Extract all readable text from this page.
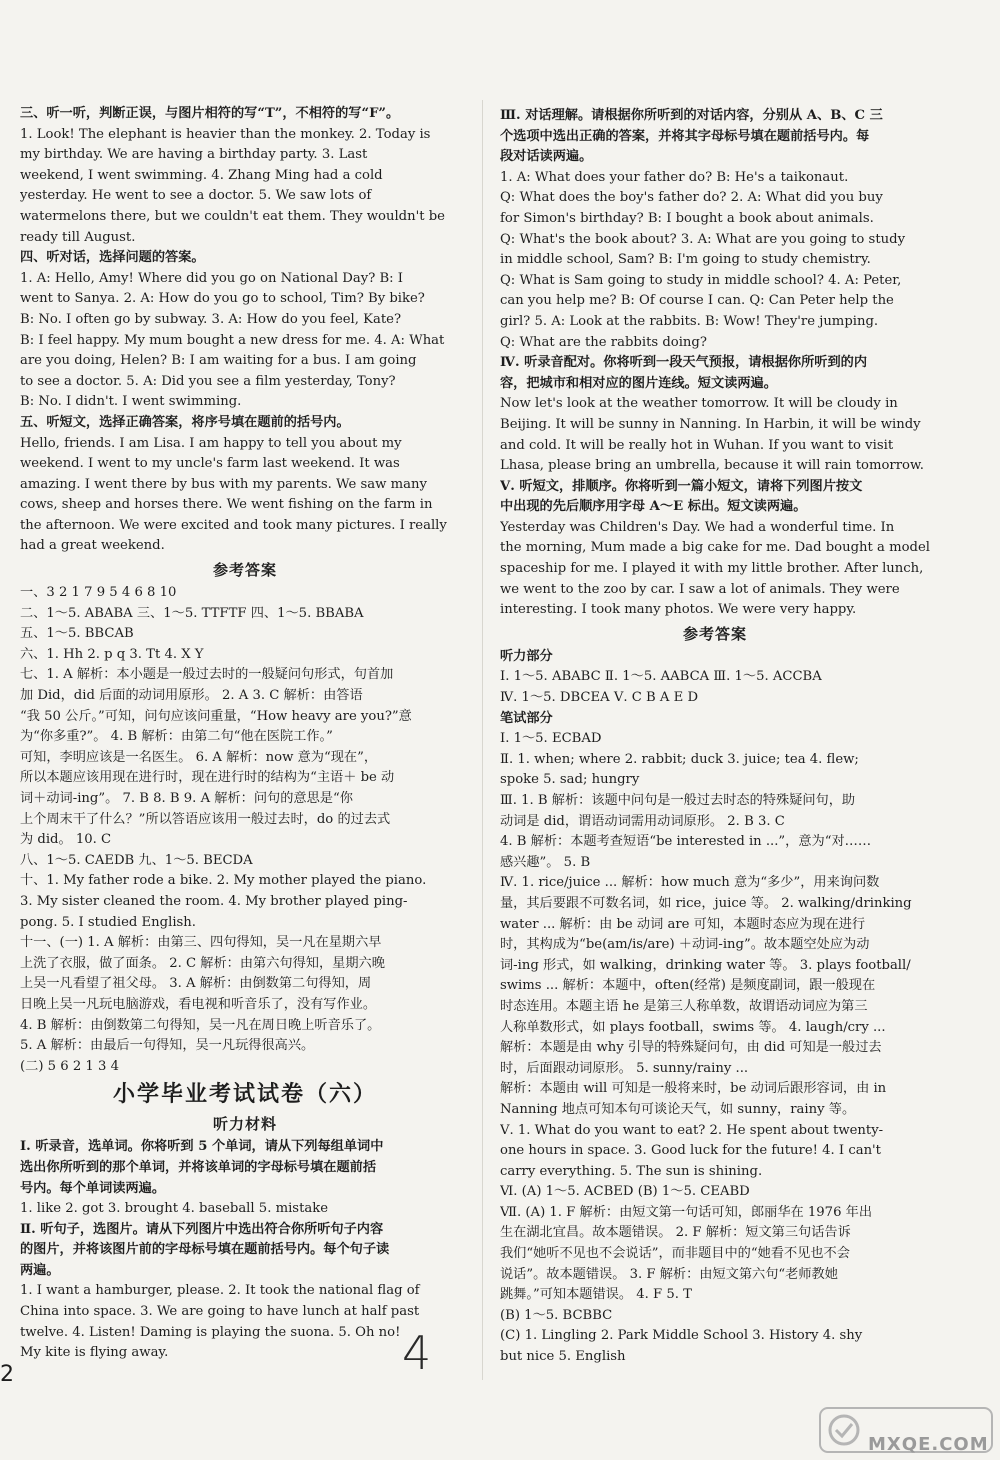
三、听一听，判断正误，与图片相符的写“T”，不相符的写“F”。
1. Look! The elephant is heavier than the monkey. 2. Today is
my birthday. We are having a birthday party. 3. Last
weekend, I went swimming. 4. Zhang Ming had a cold
yesterday. He went to see a doctor. 5. We saw lots of
watermelons there, but we couldn't eat them. They wouldn't be
ready till August.
四、听对话，选择问题的答案。
1. A: Hello, Amy! Where did you go on National Day? B: I
went to Sanya. 2. A: How do you go to school, Tim? By bike?
B: No. I often go by subway. 3. A: How do you feel, Kate?
B: I feel happy. My mum bought a new dress for me. 4. A: What
are you doing, Helen? B: I am waiting for a bus. I am going
to see a doctor. 5. A: Did you see a film yesterday, Tony?
B: No. I didn't. I went swimming.
五、听短文，选择正确答案，将序号填在题前的括号内。
Hello, friends. I am Lisa. I am happy to tell you about my
weekend. I went to my uncle's farm last weekend. It was
amazing. I went there by bus with my parents. We saw many
cows, sheep and horses there. We went fishing on the farm in
the afternoon. We were excited and took many pictures. I really
had a great weekend.
参考答案
一、3 2 1 7 9 5 4 6 8 10
二、1～5. ABABA 三、1～5. TTFTF 四、1～5. BBABA
五、1～5. BBCAB
六、1. Hh 2. p q 3. Tt 4. X Y
七、1. A 解析：本小题是一般过去时的一般疑问句形式，句首加
加 Did，did 后面的动词用原形。 2. A 3. C 解析：由答语
“我 50 公斤。”可知，问句应该问重量，“How heavy are you?”意
为“你多重?”。 4. B 解析：由第二句“他在医院工作。”
可知，李明应该是一名医生。 6. A 解析：now 意为“现在”，
所以本题应该用现在进行时，现在进行时的结构为“主语＋ be 动
词＋动词-ing”。 7. B 8. B 9. A 解析：问句的意思是“你
上个周末干了什么？”所以答语应该用一般过去时，do 的过去式
为 did。 10. C
八、1～5. CAEDB 九、1～5. BECDA
十、1. My father rode a bike. 2. My mother played the piano.
3. My sister cleaned the room. 4. My brother played ping-
pong. 5. I studied English.
十一、(一) 1. A 解析：由第三、四句得知，吴一凡在星期六早
上洗了衣服，做了面条。 2. C 解析：由第六句得知，星期六晚
上吴一凡看望了祖父母。 3. A 解析：由倒数第二句得知，周
日晚上吴一凡玩电脑游戏，看电视和听音乐了，没有写作业。
4. B 解析：由倒数第二句得知，吴一凡在周日晚上听音乐了。
5. A 解析：由最后一句得知，吴一凡玩得很高兴。
(二) 5 6 2 1 3 4
小学毕业考试试卷（六）
听力材料
Ⅰ. 听录音，选单词。你将听到 5 个单词，请从下列每组单词中
选出你所听到的那个单词，并将该单词的字母标号填在题前括
号内。每个单词读两遍。
1. like 2. got 3. brought 4. baseball 5. mistake
Ⅱ. 听句子，选图片。请从下列图片中选出符合你所听句子内容
的图片，并将该图片前的字母标号填在题前括号内。每个句子读
两遍。
1. I want a hamburger, please. 2. It took the national flag of
China into space. 3. We are going to have lunch at half past
twelve. 4. Listen! Daming is playing the suona. 5. Oh no!
My kite is flying away.
Ⅲ. 对话理解。请根据你所听到的对话内容，分别从 A、B、C 三
个选项中选出正确的答案，并将其字母标号填在题前括号内。每
段对话读两遍。
1. A: What does your father do? B: He's a taikonaut.
Q: What does the boy's father do? 2. A: What did you buy
for Simon's birthday? B: I bought a book about animals.
Q: What's the book about? 3. A: What are you going to study
in middle school, Sam? B: I'm going to study chemistry.
Q: What is Sam going to study in middle school? 4. A: Peter,
can you help me? B: Of course I can. Q: Can Peter help the
girl? 5. A: Look at the rabbits. B: Wow! They're jumping.
Q: What are the rabbits doing?
Ⅳ. 听录音配对。你将听到一段天气预报，请根据你所听到的内
容，把城市和相对应的图片连线。短文读两遍。
Now let's look at the weather tomorrow. It will be cloudy in
Beijing. It will be sunny in Nanning. In Harbin, it will be windy
and cold. It will be really hot in Wuhan. If you want to visit
Lhasa, please bring an umbrella, because it will rain tomorrow.
Ⅴ. 听短文，排顺序。你将听到一篇小短文，请将下列图片按文
中出现的先后顺序用字母 A～E 标出。短文读两遍。
Yesterday was Children's Day. We had a wonderful time. In
the morning, Mum made a big cake for me. Dad bought a model
spaceship for me. I played it with my little brother. After lunch,
we went to the zoo by car. I saw a lot of animals. They were
interesting. I took many photos. We were very happy.
参考答案
听力部分
Ⅰ. 1～5. ABABC Ⅱ. 1～5. AABCA Ⅲ. 1～5. ACCBA
Ⅳ. 1～5. DBCEA Ⅴ. C B A E D
笔试部分
Ⅰ. 1～5. ECBAD
Ⅱ. 1. when; where 2. rabbit; duck 3. juice; tea 4. flew;
spoke 5. sad; hungry
Ⅲ. 1. B 解析：该题中问句是一般过去时态的特殊疑问句，助
动词是 did，谓语动词需用动词原形。 2. B 3. C
4. B 解析：本题考查短语“be interested in ...”，意为“对……
感兴趣”。 5. B
Ⅳ. 1. rice/juice ... 解析：how much 意为“多少”，用来询问数
量，其后要跟不可数名词，如 rice，juice 等。 2. walking/drinking
water ... 解析：由 be 动词 are 可知，本题时态应为现在进行
时，其构成为“be(am/is/are) ＋动词-ing”。故本题空处应为动
词-ing 形式，如 walking，drinking water 等。 3. plays football/
swims ... 解析：本题中，often(经常) 是频度副词，跟一般现在
时态连用。本题主语 he 是第三人称单数，故谓语动词应为第三
人称单数形式，如 plays football，swims 等。 4. laugh/cry ...
解析：本题是由 why 引导的特殊疑问句，由 did 可知是一般过去
时，后面跟动词原形。 5. sunny/rainy ...
解析：本题由 will 可知是一般将来时，be 动词后跟形容词，由 in
Nanning 地点可知本句可谈论天气，如 sunny，rainy 等。
Ⅴ. 1. What do you want to eat? 2. He spent about twenty-
one hours in space. 3. Good luck for the future! 4. I can't
carry everything. 5. The sun is shining.
Ⅵ. (A) 1～5. ACBED (B) 1～5. CEABD
Ⅶ. (A) 1. F 解析：由短文第一句话可知，郎丽华在 1976 年出
生在湖北宜昌。故本题错误。 2. F 解析：短文第三句话告诉
我们“她听不见也不会说话”，而非题目中的“她看不见也不会
说话”。故本题错误。 3. F 解析：由短文第六句“老师教她
跳舞。”可知本题错误。 4. F 5. T
(B) 1～5. BCBBC
(C) 1. Lingling 2. Park Middle School 3. History 4. shy
but nice 5. English
2	4
MXQE.COM
